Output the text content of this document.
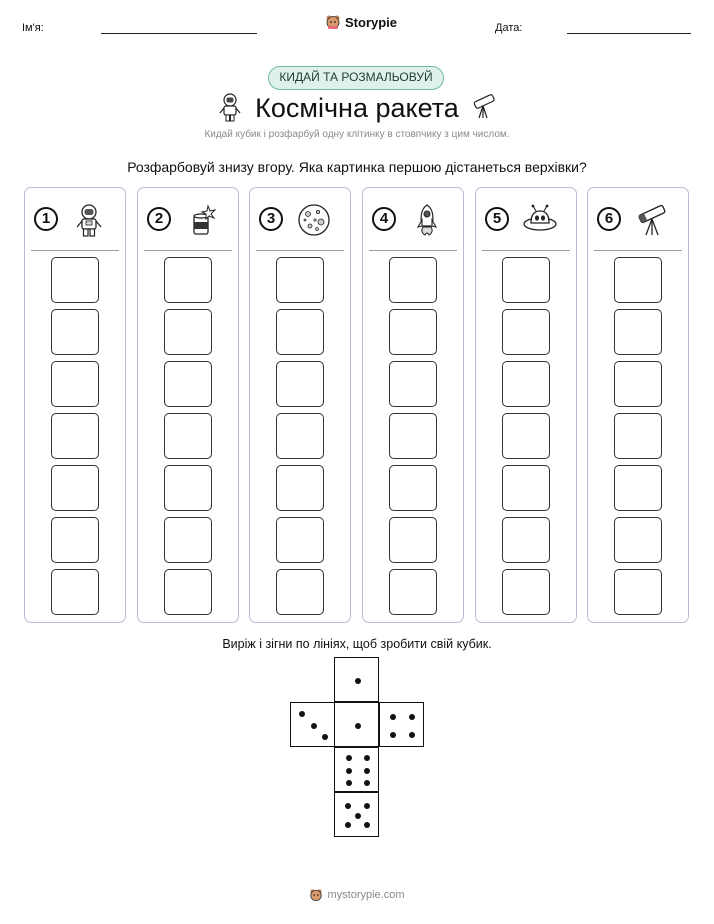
Ім'я:	Storypie	Дата:
КИДАЙ ТА РОЗМАЛЬОВУЙ
Космічна ракета
Кидай кубик і розфарбуй одну клітинку в стовпчику з цим числом.
Розфарбовуй знизу вгору. Яка картинка першою дістанеться верхівки?
1	2	3	4	5	6
Виріж і зігни по лініях, щоб зробити свій кубик.
mystorypie.com
